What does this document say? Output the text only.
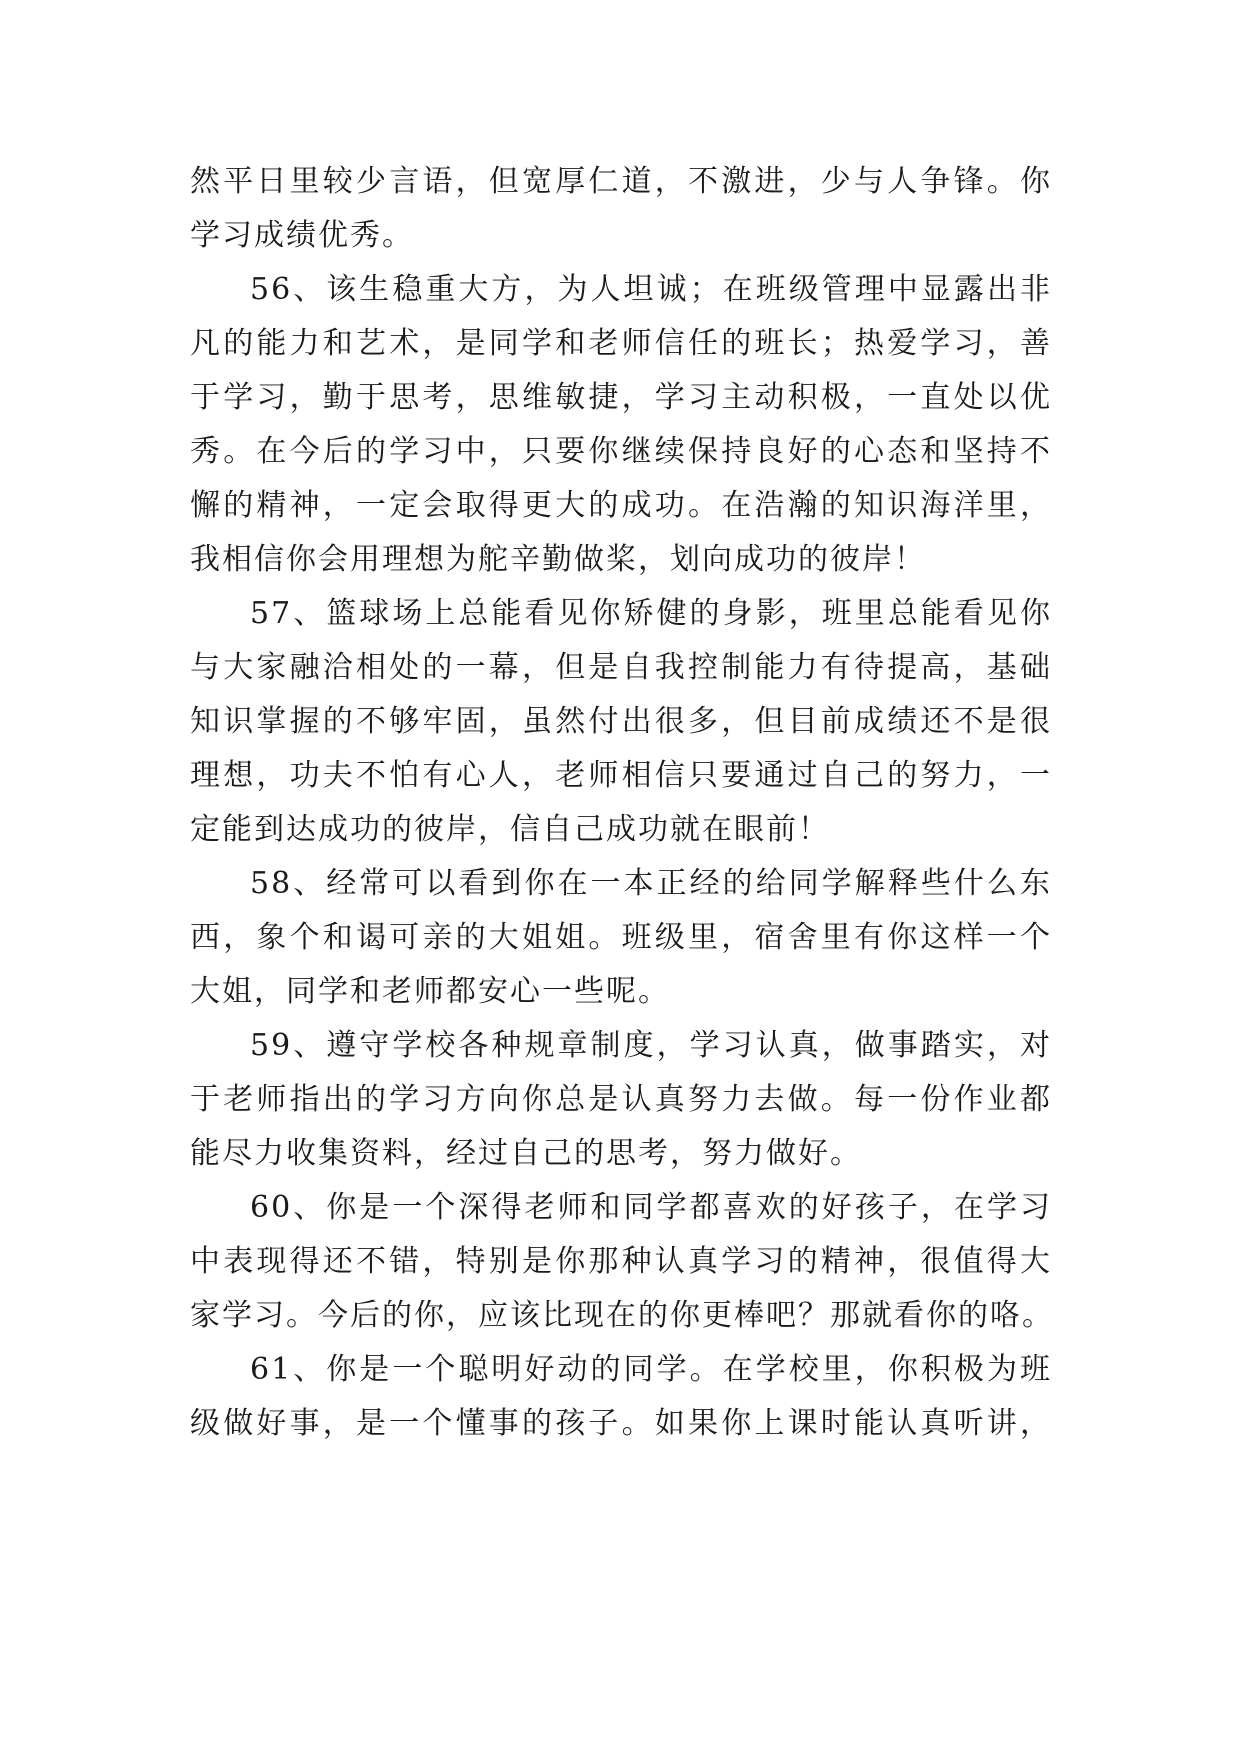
然平日里较少言语，但宽厚仁道，不激进，少与人争锋。你
学习成绩优秀。
56、该生稳重大方，为人坦诚；在班级管理中显露出非
凡的能力和艺术，是同学和老师信任的班长；热爱学习，善
于学习，勤于思考，思维敏捷，学习主动积极，一直处以优
秀。在今后的学习中，只要你继续保持良好的心态和坚持不
懈的精神，一定会取得更大的成功。在浩瀚的知识海洋里，
我相信你会用理想为舵辛勤做桨，划向成功的彼岸！
57、篮球场上总能看见你矫健的身影，班里总能看见你
与大家融洽相处的一幕，但是自我控制能力有待提高，基础
知识掌握的不够牢固，虽然付出很多，但目前成绩还不是很
理想，功夫不怕有心人，老师相信只要通过自己的努力，一
定能到达成功的彼岸，信自己成功就在眼前！
58、经常可以看到你在一本正经的给同学解释些什么东
西，象个和谒可亲的大姐姐。班级里，宿舍里有你这样一个
大姐，同学和老师都安心一些呢。
59、遵守学校各种规章制度，学习认真，做事踏实，对
于老师指出的学习方向你总是认真努力去做。每一份作业都
能尽力收集资料，经过自己的思考，努力做好。
60、你是一个深得老师和同学都喜欢的好孩子，在学习
中表现得还不错，特别是你那种认真学习的精神，很值得大
家学习。今后的你，应该比现在的你更棒吧？那就看你的咯。
61、你是一个聪明好动的同学。在学校里，你积极为班
级做好事，是一个懂事的孩子。如果你上课时能认真听讲，
